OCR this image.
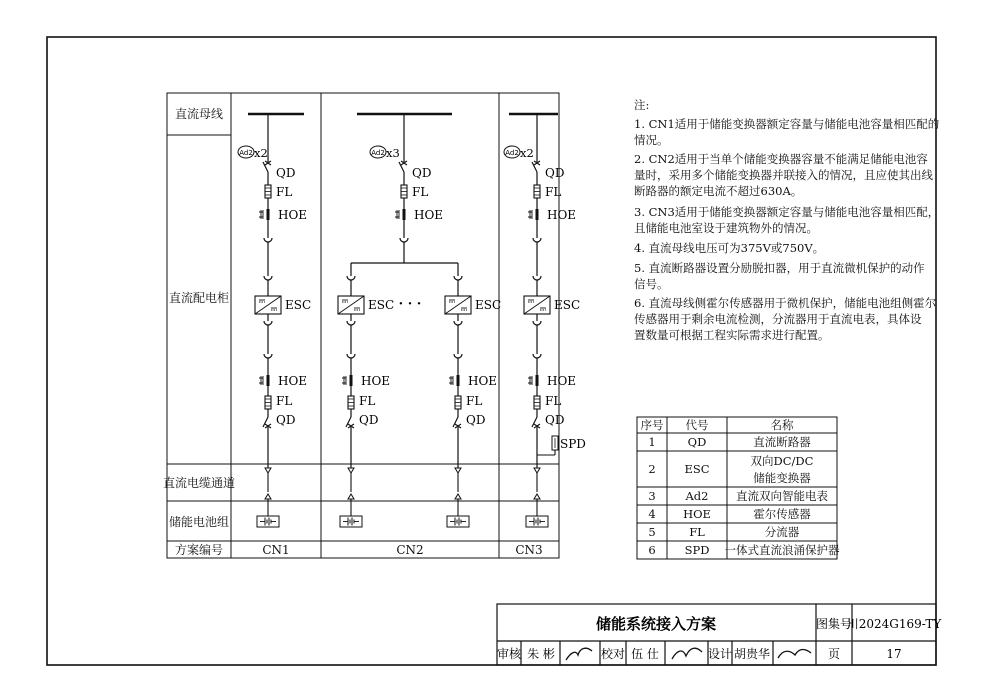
直流母线
直流配电柜
直流电缆通道
储能电池组
方案编号	CN1	CN2	CN3
Ad2 x2
QD
FL
HOE
ESC
HOE
FL
QD
Ad2 x3
QD
FL
HOE
ESC
HOE
FL
QD
· · ·	ESC
HOE
FL
QD
Ad2 x2
QD
FL
HOE
ESC
HOE
FL
QD
SPD
序号 代号	名称
1	QD	直流断路器
2	ESC
双向DC/DC
储能变换器
3	Ad2 直流双向智能电表
4 HOE	霍尔传感器
5	FL	分流器
6	SPD 一体式直流浪涌保护器
储能系统接入方案	图集号
川2024G169-TY
审核 朱 彬	校对 伍 仕	设计 胡贵华	页	17
注:
1. CN1适用于储能变换器额定容量与储能电池容量相匹配的
情况。
2. CN2适用于当单个储能变换器容量不能满足储能电池容
量时，采用多个储能变换器并联接入的情况，且应使其出线
断路器的额定电流不超过630A。
3. CN3适用于储能变换器额定容量与储能电池容量相匹配，
且储能电池室设于建筑物外的情况。
4. 直流母线电压可为375V或750V。
5. 直流断路器设置分励脱扣器，用于直流微机保护的动作
信号。
6. 直流母线侧霍尔传感器用于微机保护，储能电池组侧霍尔
传感器用于剩余电流检测，分流器用于直流电表，具体设
置数量可根据工程实际需求进行配置。
